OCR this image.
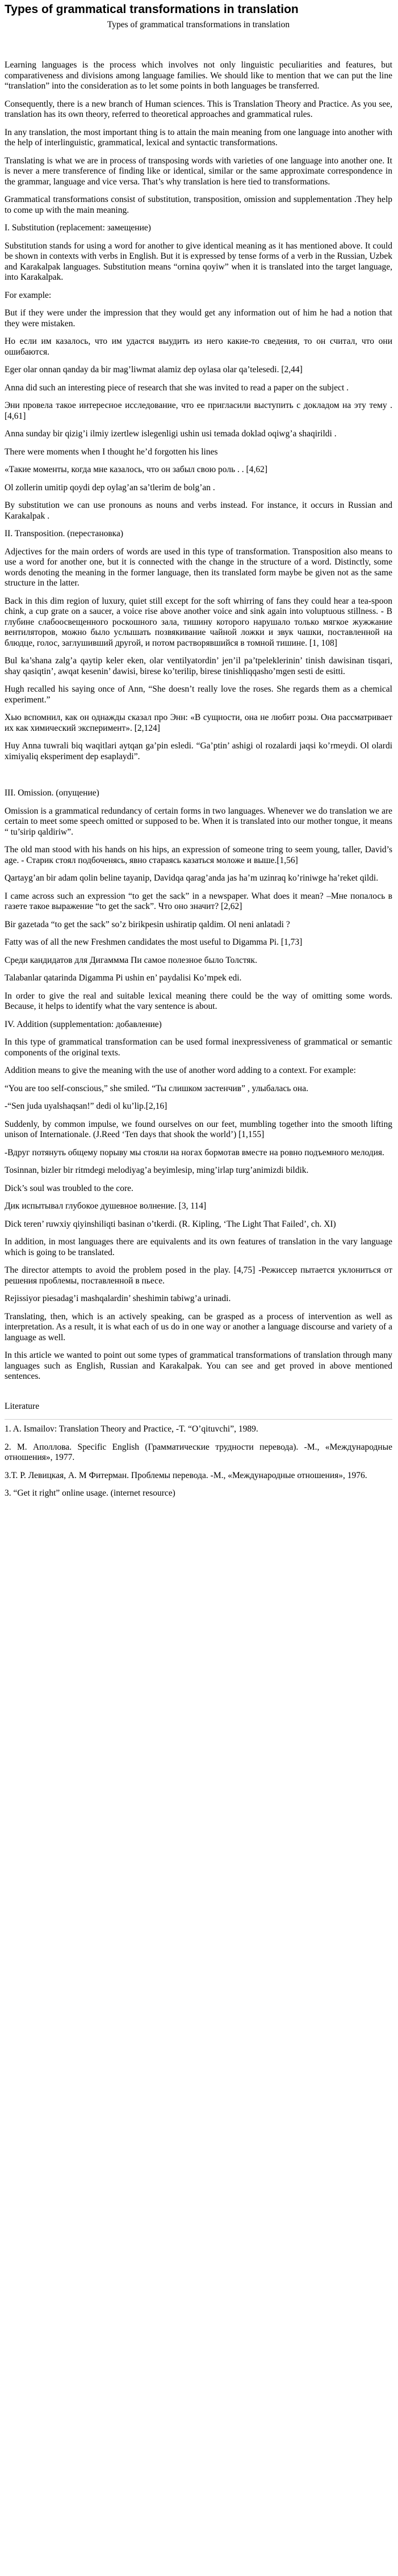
Types of grammatical transformations in translation
Types of grammatical transformations in translation

Learning languages is the process which involves not only linguistic peculiarities and features, but comparativeness and divisions among language families. We should like to mention that we can put the line “translation” into the consideration as to let some points in both languages be transferred.

Consequently, there is a new branch of Human sciences. This is Translation Theory and Practice. As you see, translation has its own theory, referred to theoretical approaches and grammatical rules.

In any translation, the most important thing is to attain the main meaning from one language into another with the help of interlinguistic, grammatical, lexical and syntactic transformations.

Translating is what we are in process of transposing words with varieties of one language into another one. It is never a mere transference of finding like or identical, similar or the same approximate correspondence in the grammar, language and vice versa. That’s why translation is here tied to transformations.

Grammatical transformations consist of substitution, transposition, omission and supplementation .They help to come up with the main meaning.

I. Substitution (replacement: замещение)

Substitution stands for using a word for another to give identical meaning as it has mentioned above. It could be shown in contexts with verbs in English. But it is expressed by tense forms of a verb in the Russian, Uzbek and Karakalpak languages. Substitution means “ornina qoyiw” when it is translated into the target language, into Karakalpak.

For example:

But if they were under the impression that they would get any information out of him he had a notion that they were mistaken.

Но если им казалось, что им удастся выудить из него какие-то сведения, то он считал, что они ошибаются.

Eger olar onnan qanday da bir mag’liwmat alamiz dep oylasa olar qa’telesedi. [2,44]

Anna did such an interesting piece of research that she was invited to read a paper on the subject .

Эни провела такое интересное исследование, что ее пригласили выступить с докладом на эту тему . [4,61]

Anna sunday bir qizig’i ilmiy izertlew islegenligi ushin usi temada doklad oqiwg’a shaqirildi .

There were moments when I thought he’d forgotten his lines

«Такие моменты, когда мне казалось, что он забыл свою роль . . [4,62]

Ol zollerin umitip qoydi dep oylag’an sa’tlerim de bolg’an .

By substitution we can use pronouns as nouns and verbs instead. For instance, it occurs in Russian and Karakalpak .

II. Transposition. (перестановка)

Adjectives for the main orders of words are used in this type of transformation. Transposition also means to use a word for another one, but it is connected with the change in the structure of a word. Distinctly, some words denoting the meaning in the former language, then its translated form maybe be given not as the same structure in the latter.

Back in this dim region of luxury, quiet still except for the soft whirring of fans they could hear a tea-spoon chink, a cup grate on a saucer, a voice rise above another voice and sink again into voluptuous stillness. - В глубине слабоосвещенного роскошного зала, тишину которого нарушало только мягкое жужжание вентиляторов, можно было услышать позвякивание чайной ложки и звук чашки, поставленной на блюдце, голос, заглушивший другой, и потом растворявшийся в томной тишине. [1, 108]

Bul ka’shana zalg’a qaytip keler eken, olar ventilyatordin’ jen’il pa’tpeleklerinin’ tinish dawisinan tisqari, shay qasiqtin’, awqat kesenin’ dawisi, birese ko’terilip, birese tinishliqqasho’mgen sesti de esitti.

Hugh recalled his saying once of Ann, “She doesn’t really love the roses. She regards them as a chemical experiment.”

Хью вспомнил, как он однажды сказал про Энн: «В сущности, она не любит розы. Она рассматривает их как химический эксперимент». [2,124]

Huy Anna tuwrali biq waqitlari aytqan ga’pin esledi. “Ga’ptin’ ashigi ol rozalardi jaqsi ko’rmeydi. Ol olardi ximiyaliq eksperiment dep esaplaydi”.

III. Omission. (опущение)

Omission is a grammatical redundancy of certain forms in two languages. Whenever we do translation we are certain to meet some speech omitted or supposed to be. When it is translated into our mother tongue, it means “ tu’sirip qaldiriw”.

The old man stood with his hands on his hips, an expression of someone tring to seem young, taller, David’s age. - Старик стоял подбоченясь, явно стараясь казаться моложе и выше.[1,56]

Qartayg’an bir adam qolin beline tayanip, Davidqa qarag’anda jas ha’m uzinraq ko’riniwge ha’reket qildi.

I came across such an expression “to get the sack” in a newspaper. What does it mean? –Мне попалось в газете такое выражение “to get the sack”. Что оно значит? [2,62]

Bir gazetada “to get the sack” so’z birikpesin ushiratip qaldim. Ol neni anlatadi ?

Fatty was of all the new Freshmen candidates the most useful to Digamma Pi. [1,73]

Среди кандидатов для Дигаммма Пи самое полезное было Толстяк.

Talabanlar qatarinda Digamma Pi ushin en’ paydalisi Ko’mpek edi.

In order to give the real and suitable lexical meaning there could be the way of omitting some words. Because, it helps to identify what the vary sentence is about.

IV. Addition (supplementation: добавление)

In this type of grammatical transformation can be used formal inexpressiveness of grammatical or semantic components of the original texts.

Addition means to give the meaning with the use of another word adding to a context. For example:

“You are too self-conscious,” she smiled. “Ты слишком застенчив” , улыбалась она.

-“Sen juda uyalshaqsan!” dedi ol ku’lip.[2,16]

Suddenly, by common impulse, we found ourselves on our feet, mumbling together into the smooth lifting unison of Internationale. (J.Reed ‘Ten days that shook the world’) [1,155]

-Вдруг потянуть общему порыву мы стояли на ногах бормотав вместе на ровно подъемного мелодия.

Tosinnan, bizler bir ritmdegi melodiyag’a beyimlesip, ming’irlap turg’animizdi bildik.

Dick’s soul was troubled to the core.

Дик испытывал глубокое душевное волнение. [3, 114]

Dick teren’ ruwxiy qiyinshiliqti basinan o’tkerdi. (R. Kipling, ‘The Light That Failed’, ch. XI)

In addition, in most languages there are equivalents and its own features of translation in the vary language which is going to be translated.

The director attempts to avoid the problem posed in the play. [4,75] -Режиссер пытается уклониться от решения проблемы, поставленной в пьесе.

Rejissiyor piesadag’i mashqalardin’ sheshimin tabiwg’a urinadi.

Translating, then, which is an actively speaking, can be grasped as a process of intervention as well as interpretation. As a result, it is what each of us do in one way or another a language discourse and variety of a language as well.

In this article we wanted to point out some types of grammatical transformations of translation through many languages such as English, Russian and Karakalpak. You can see and get proved in above mentioned sentences.

Literature

1. A. Ismailov: Translation Theory and Practice, -T. “O’qituvchi”, 1989.

2. М. Аполлова. Specific English (Грамматические трудности перевода). -М., «Международные отношения», 1977.

3.Т. Р. Левицкая, А. М Фитерман. Проблемы перевода. -М., «Международные отношения», 1976.

3. “Get it right” online usage. (internet resource)
